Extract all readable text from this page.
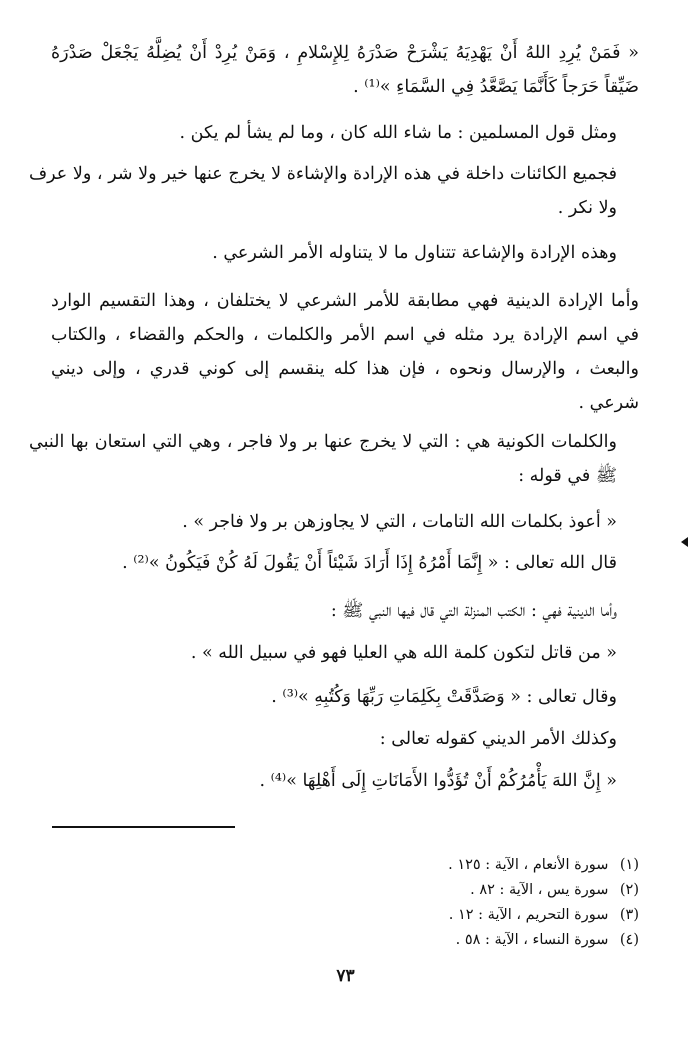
« فَمَنْ يُرِدِ اللهُ أَنْ يَهْدِيَهُ يَشْرَحْ صَدْرَهُ لِلإِسْلامِ ، وَمَنْ يُرِدْ أَنْ يُضِلَّهُ يَجْعَلْ صَدْرَهُ ضَيِّقاً حَرَجاً كَأَنَّمَا يَصَّعَّدُ فِي السَّمَاءِ »⁽¹⁾ .

ومثل قول المسلمين : ما شاء الله كان ، وما لم يشأ لم يكن .

فجميع الكائنات داخلة في هذه الإرادة والإشاءة لا يخرج عنها خير ولا شر ، ولا عرف ولا نكر .

وهذه الإرادة والإشاعة تتناول ما لا يتناوله الأمر الشرعي .

وأما الإرادة الدينية فهي مطابقة للأمر الشرعي لا يختلفان ، وهذا التقسيم الوارد في اسم الإرادة يرد مثله في اسم الأمر والكلمات ، والحكم والقضاء ، والكتاب والبعث ، والإرسال ونحوه ، فإن هذا كله ينقسم إلى كوني قدري ، وإلى ديني شرعي .

والكلمات الكونية هي : التي لا يخرج عنها بر ولا فاجر ، وهي التي استعان بها النبي ﷺ في قوله :

« أعوذ بكلمات الله التامات ، التي لا يجاوزهن بر ولا فاجر » .

قال الله تعالى : « إِنَّمَا أَمْرُهُ إِذَا أَرَادَ شَيْئاً أَنْ يَقُولَ لَهُ كُنْ فَيَكُونُ »⁽²⁾ .

وأما الدينية فهي : الكتب المنزلة التي قال فيها النبي ﷺ :

« من قاتل لتكون كلمة الله هي العليا فهو في سبيل الله » .

وقال تعالى : « وَصَدَّقَتْ بِكَلِمَاتِ رَبِّهَا وَكُتُبِهِ »⁽³⁾ .

وكذلك الأمر الديني كقوله تعالى :

« إِنَّ اللهَ يَأْمُرُكُمْ أَنْ تُؤَدُّوا الأَمَانَاتِ إِلَى أَهْلِهَا »⁽⁴⁾ .

(١) سورة الأنعام ، الآية : ١٢٥ .

(٢) سورة يس ، الآية : ٨٢ .

(٣) سورة التحريم ، الآية : ١٢ .

(٤) سورة النساء ، الآية : ٥٨ .

٧٣
